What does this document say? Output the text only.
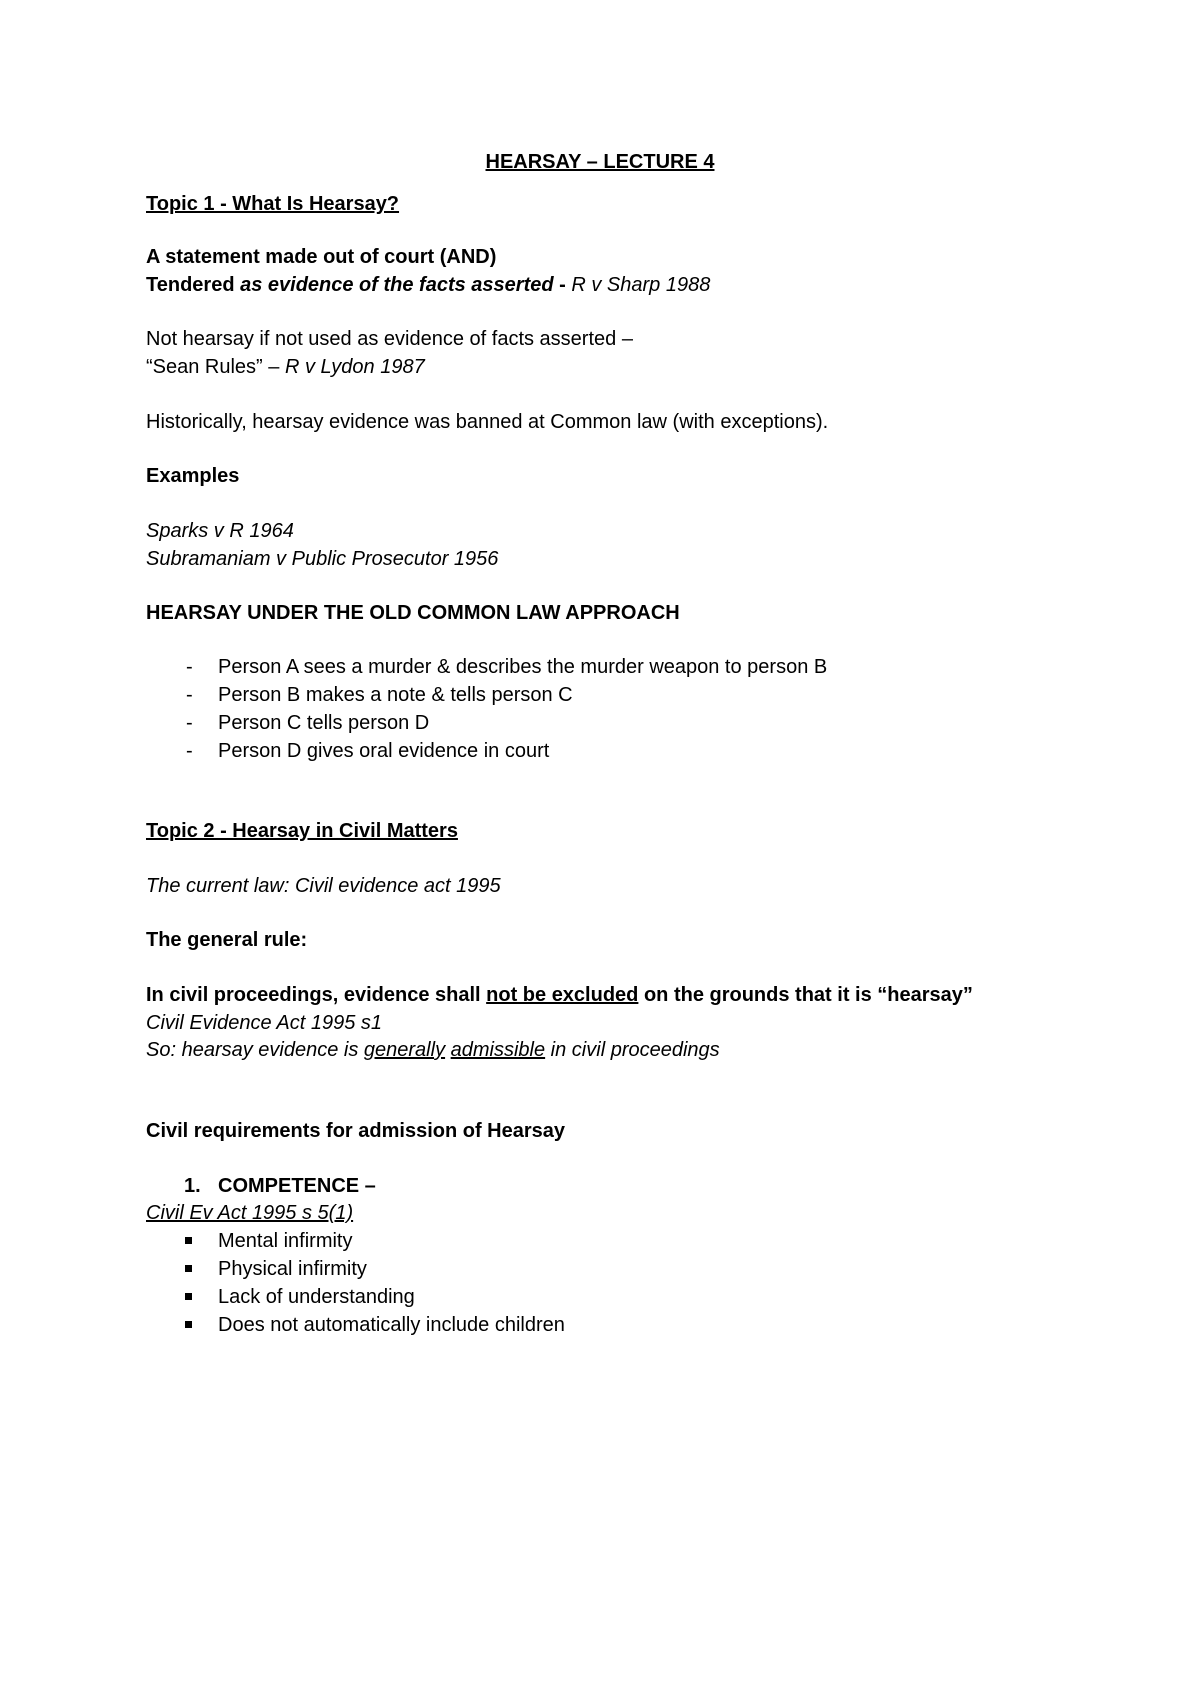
HEARSAY – LECTURE 4
Topic 1 - What Is Hearsay?
A statement made out of court (AND)
Tendered as evidence of the facts asserted - R v Sharp 1988
Not hearsay if not used as evidence of facts asserted –
“Sean Rules” – R v Lydon 1987
Historically, hearsay evidence was banned at Common law (with exceptions).
Examples
Sparks v R 1964
Subramaniam v Public Prosecutor 1956
HEARSAY UNDER THE OLD COMMON LAW APPROACH
- Person A sees a murder & describes the murder weapon to person B
- Person B makes a note & tells person C
- Person C tells person D
- Person D gives oral evidence in court
Topic 2 - Hearsay in Civil Matters
The current law: Civil evidence act 1995
The general rule:
In civil proceedings, evidence shall not be excluded on the grounds that it is “hearsay”
Civil Evidence Act 1995 s1
So: hearsay evidence is generally admissible in civil proceedings
Civil requirements for admission of Hearsay
1. COMPETENCE –
Civil Ev Act 1995 s 5(1)
Mental infirmity
Physical infirmity
Lack of understanding
Does not automatically include children
